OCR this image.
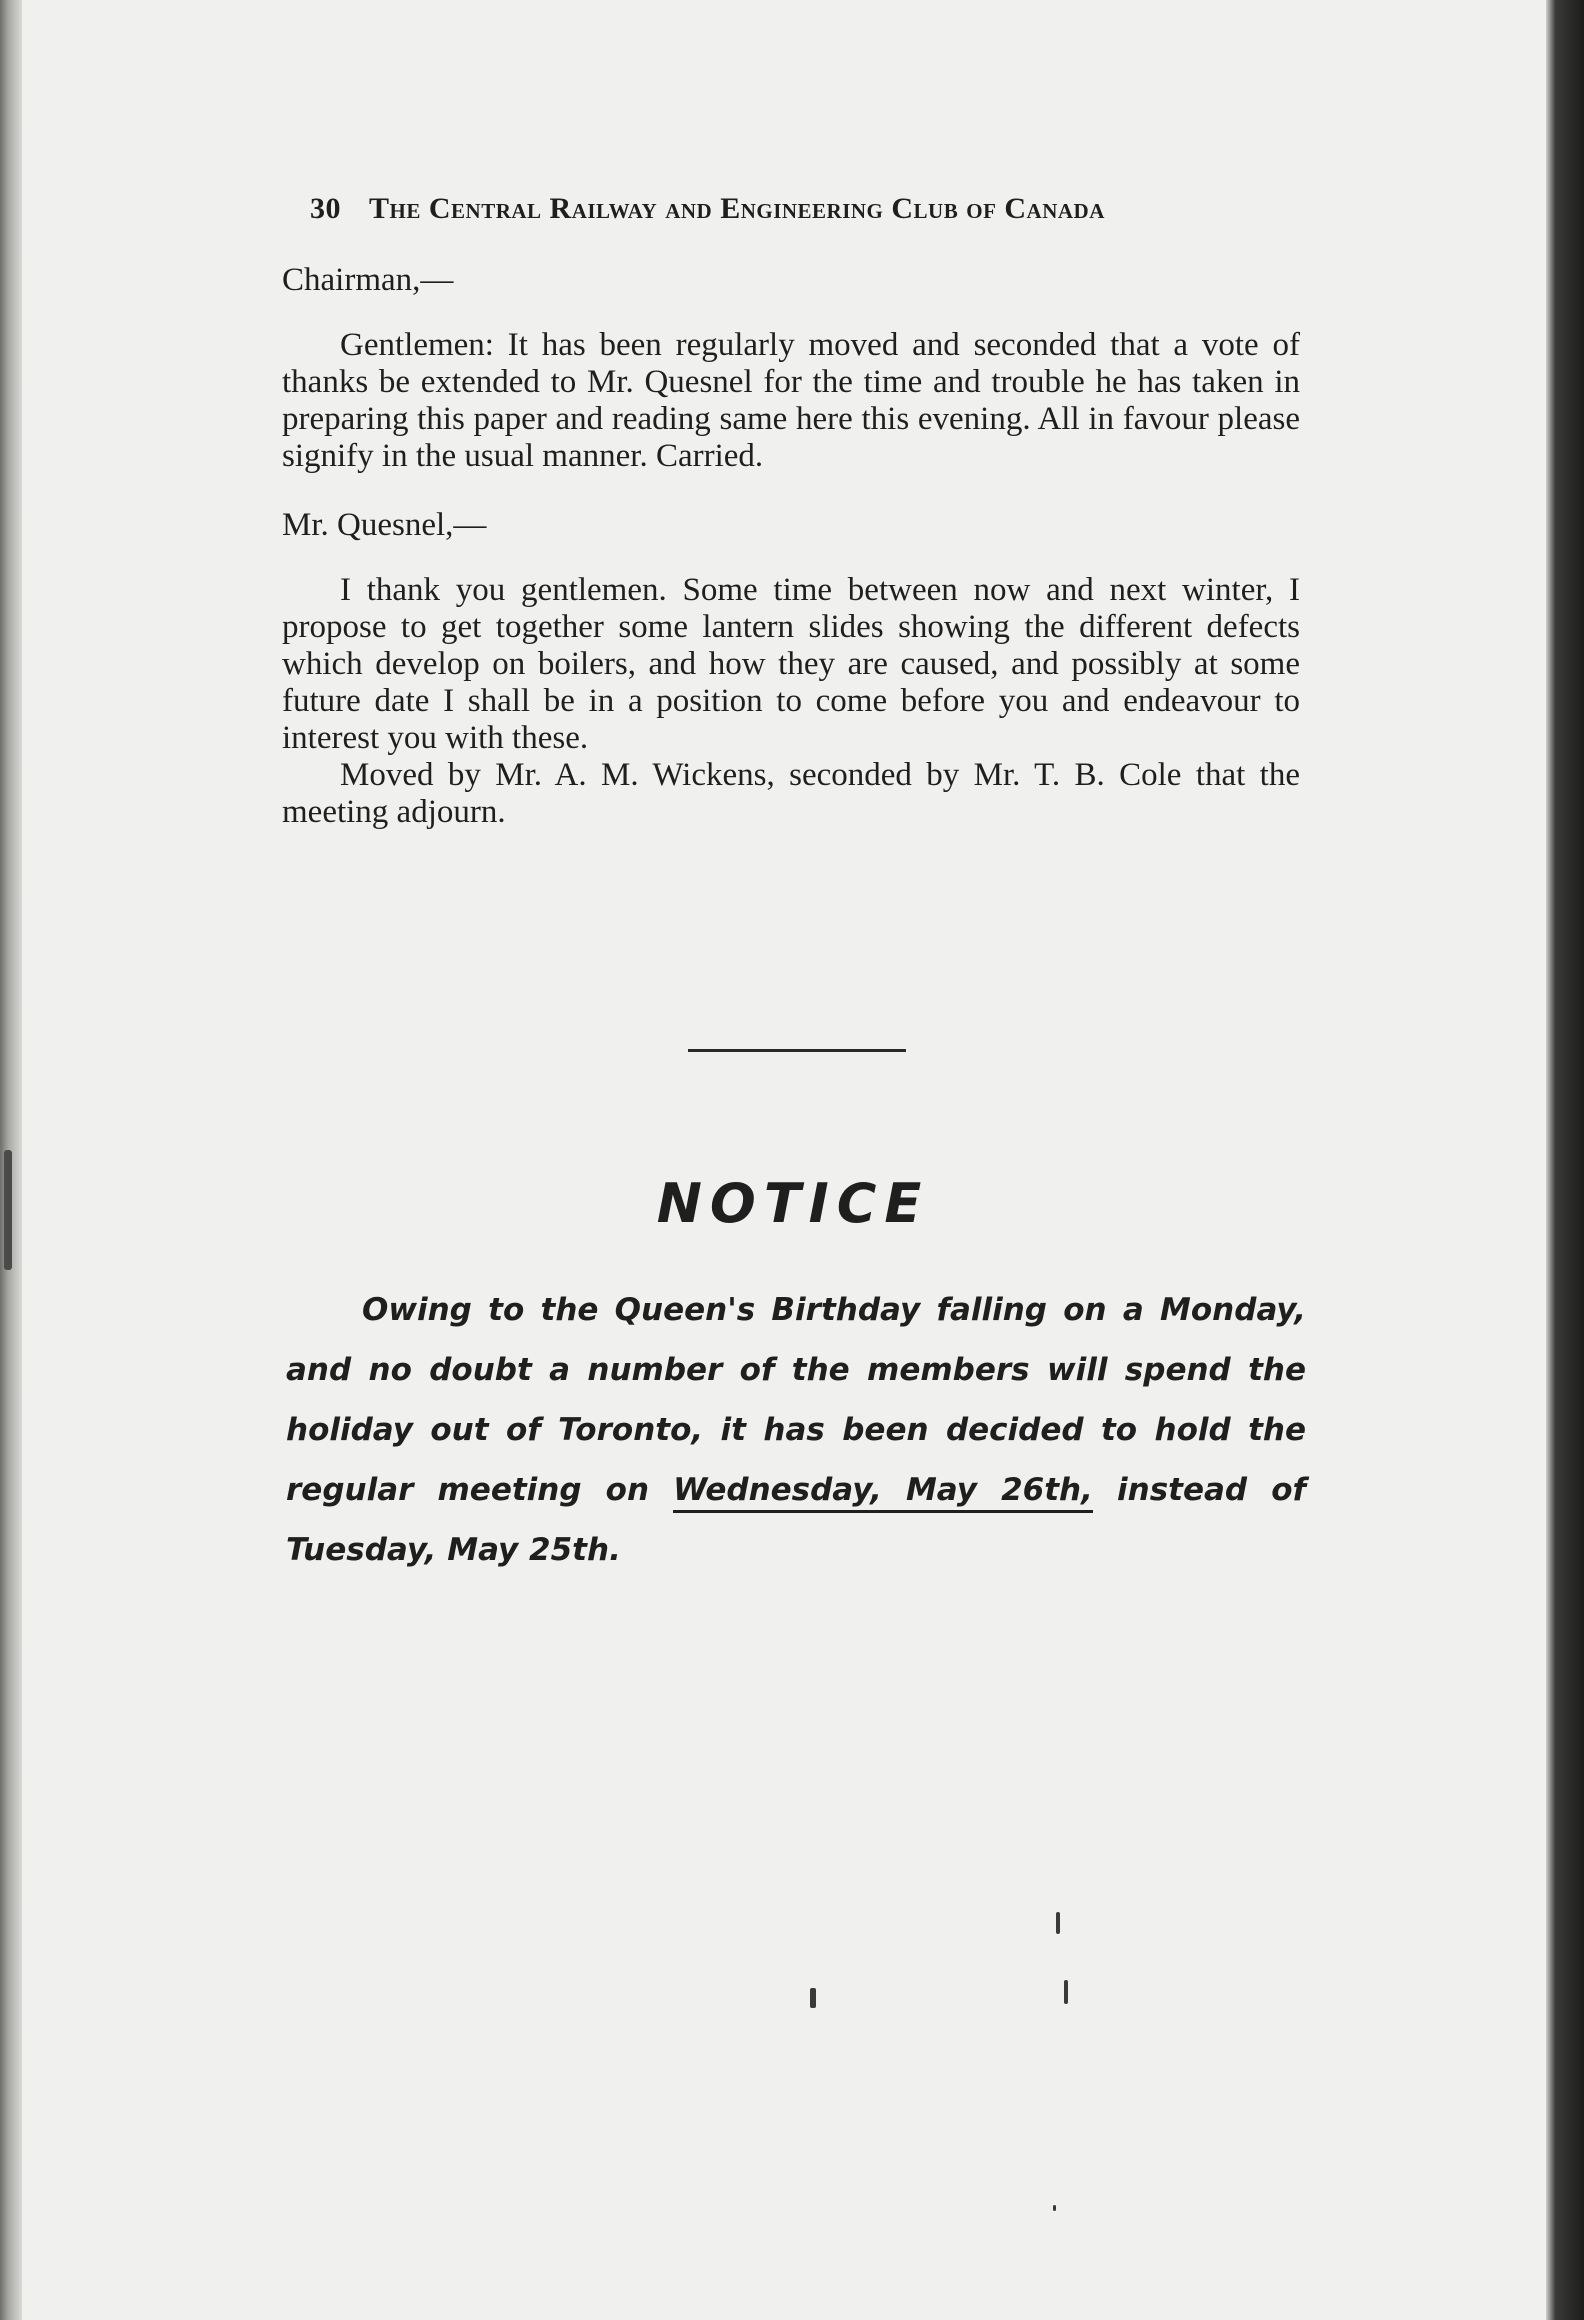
30 The Central Railway and Engineering Club of Canada

Chairman,—

Gentlemen: It has been regularly moved and seconded that a vote of thanks be extended to Mr. Quesnel for the time and trouble he has taken in preparing this paper and reading same here this evening. All in favour please signify in the usual manner. Carried.

Mr. Quesnel,—

I thank you gentlemen. Some time between now and next winter, I propose to get together some lantern slides showing the different defects which develop on boilers, and how they are caused, and possibly at some future date I shall be in a position to come before you and endeavour to interest you with these.

Moved by Mr. A. M. Wickens, seconded by Mr. T. B. Cole that the meeting adjourn.

NOTICE
Owing to the Queen's Birthday falling on a Monday, and no doubt a number of the members will spend the holiday out of Toronto, it has been decided to hold the regular meeting on Wednesday, May 26th, instead of Tuesday, May 25th.
